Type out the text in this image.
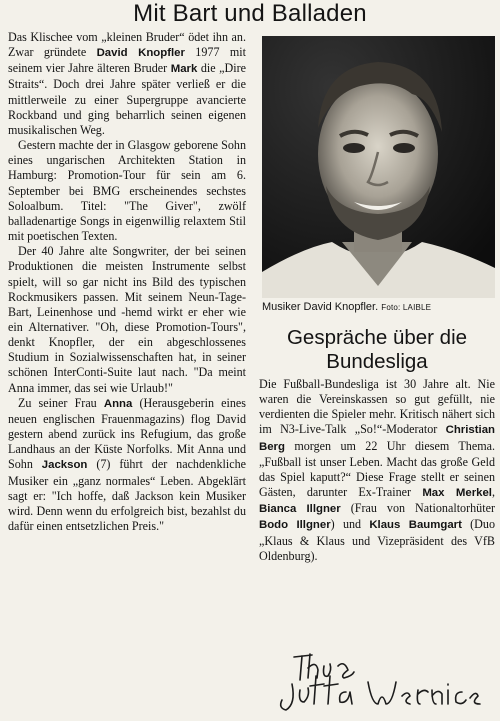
Mit Bart und Balladen

Das Klischee vom „kleinen Bruder“ ödet ihn an. Zwar gründete David Knopfler 1977 mit seinem vier Jahre älteren Bruder Mark die „Dire Straits“. Doch drei Jahre später verließ er die mittlerweile zu einer Supergruppe avancierte Rockband und ging beharrlich seinen eigenen musikalischen Weg.

Gestern machte der in Glasgow geborene Sohn eines ungarischen Architekten Station in Hamburg: Promotion-Tour für sein am 6. September bei BMG erscheinendes sechstes Soloalbum. Titel: "The Giver", zwölf balladenartige Songs in eigenwillig relaxtem Stil mit poetischen Texten.

Der 40 Jahre alte Songwriter, der bei seinen Produktionen die meisten Instrumente selbst spielt, will so gar nicht ins Bild des typischen Rockmusikers passen. Mit seinem Neun-Tage-Bart, Leinenhose und -hemd wirkt er eher wie ein Alternativer. "Oh, diese Promotion-Tours", denkt Knopfler, der ein abgeschlossenes Studium in Sozialwissenschaften hat, in seiner schönen InterConti-Suite laut nach. "Da meint Anna immer, das sei wie Urlaub!"

Zu seiner Frau Anna (Herausgeberin eines neuen englischen Frauenmagazins) flog David gestern abend zurück ins Refugium, das große Landhaus an der Küste Norfolks. Mit Anna und Sohn Jackson (7) führt der nachdenkliche Musiker ein „ganz normales“ Leben. Abgeklärt sagt er: "Ich hoffe, daß Jackson kein Musiker wird. Denn wenn du erfolgreich bist, bezahlst du dafür einen entsetzlichen Preis."

Musiker David Knopfler. Foto: LAIBLE
Gespräche über die Bundesliga

Die Fußball-Bundesliga ist 30 Jahre alt. Nie waren die Vereinskassen so gut gefüllt, nie verdienten die Spieler mehr. Kritisch nähert sich im N3-Live-Talk „So!“-Moderator Christian Berg morgen um 22 Uhr diesem Thema. „Fußball ist unser Leben. Macht das große Geld das Spiel kaputt?“ Diese Frage stellt er seinen Gästen, darunter Ex-Trainer Max Merkel, Bianca Illgner (Frau von Nationaltorhüter Bodo Illgner) und Klaus Baumgart (Duo „Klaus & Klaus und Vizepräsident des VfB Oldenburg).
